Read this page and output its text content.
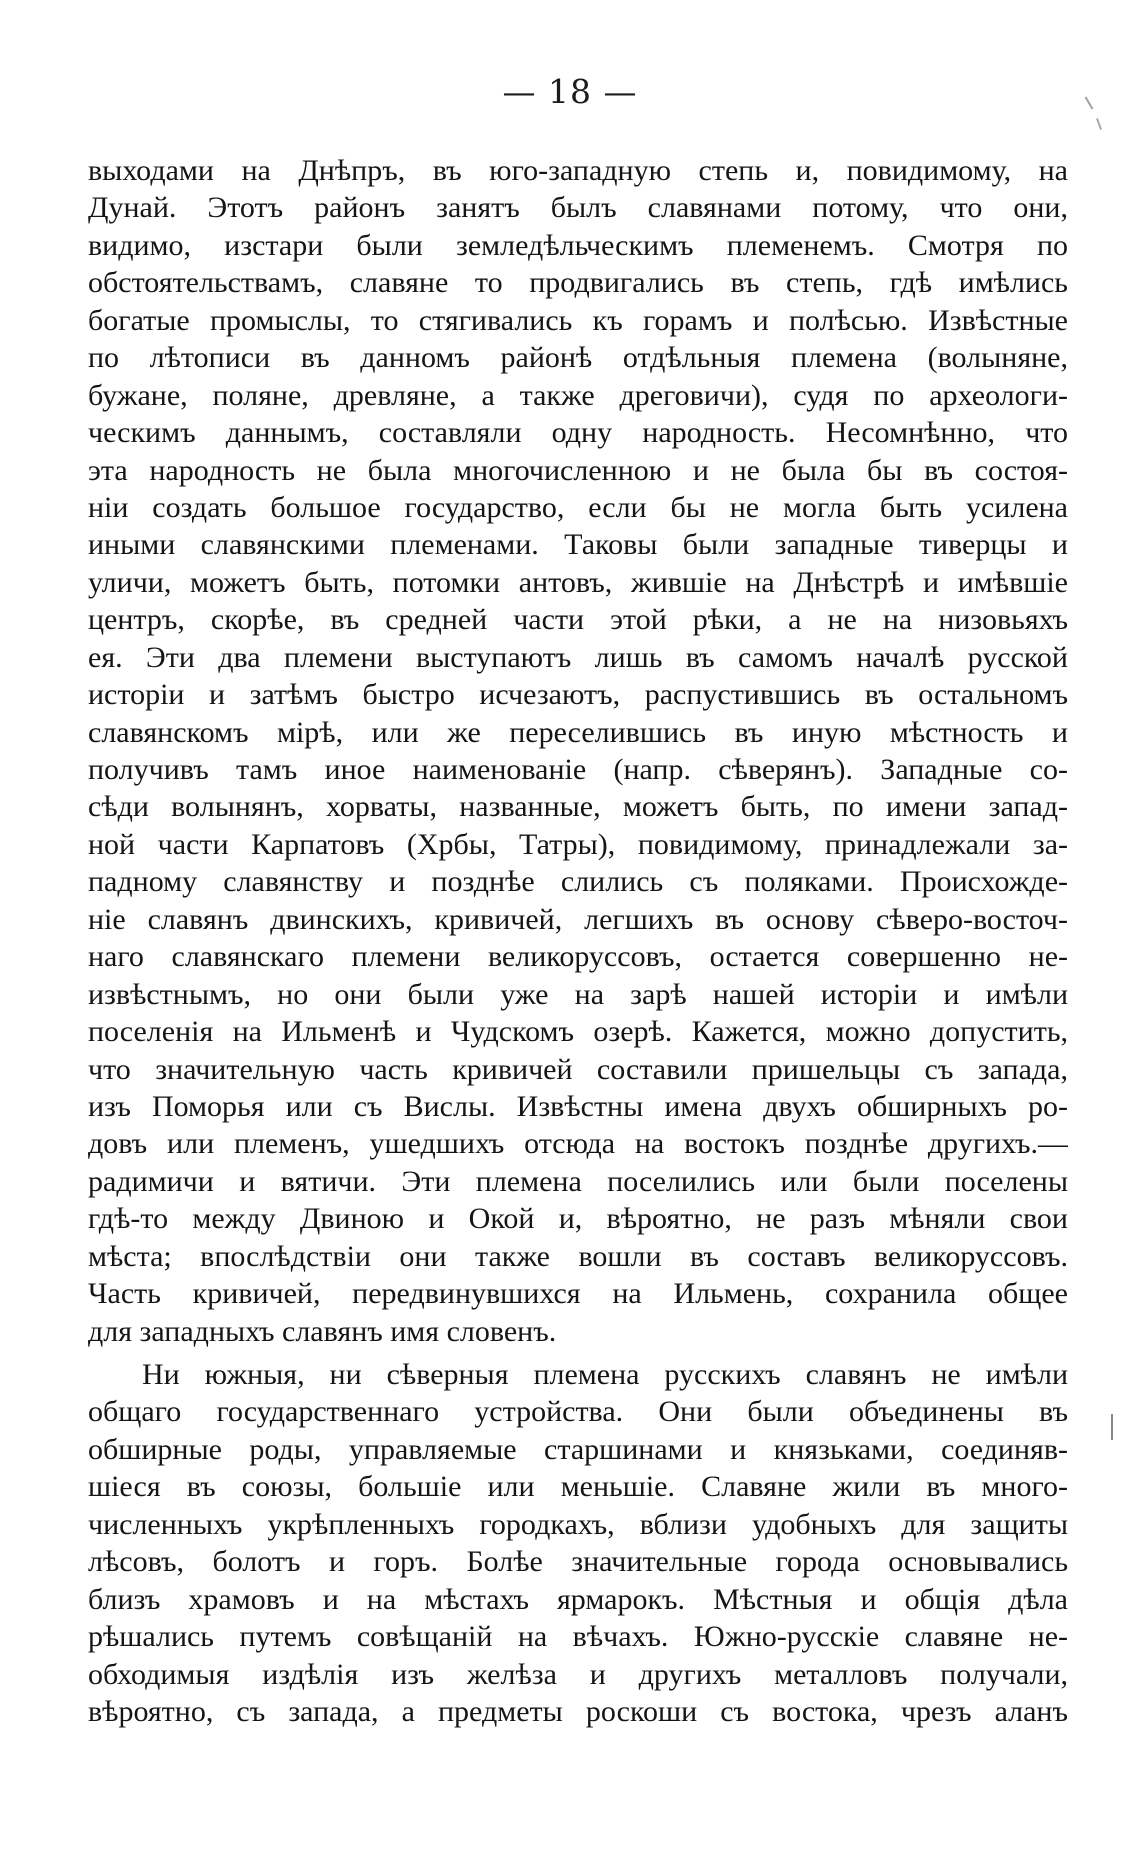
— 18 —
выходами на Днѣпръ, въ юго-западную степь и, повидимому, на
Дунай. Этотъ районъ занятъ былъ славянами потому, что они,
видимо, изстари были земледѣльческимъ племенемъ. Смотря по
обстоятельствамъ, славяне то продвигались въ степь, гдѣ имѣлись
богатые промыслы, то стягивались къ горамъ и полѣсью. Извѣстные
по лѣтописи въ данномъ районѣ отдѣльныя племена (волыняне,
бужане, поляне, древляне, а также дреговичи), судя по археологи-
ческимъ даннымъ, составляли одну народность. Несомнѣнно, что
эта народность не была многочисленною и не была бы въ состоя-
ніи создать большое государство, если бы не могла быть усилена
иными славянскими племенами. Таковы были западные тиверцы и
уличи, можетъ быть, потомки антовъ, жившіе на Днѣстрѣ и имѣвшіе
центръ, скорѣе, въ средней части этой рѣки, а не на низовьяхъ
ея. Эти два племени выступаютъ лишь въ самомъ началѣ русской
исторіи и затѣмъ быстро исчезаютъ, распустившись въ остальномъ
славянскомъ мірѣ, или же переселившись въ иную мѣстность и
получивъ тамъ иное наименованіе (напр. сѣверянъ). Западные со-
сѣди волынянъ, хорваты, названные, можетъ быть, по имени запад-
ной части Карпатовъ (Хрбы, Татры), повидимому, принадлежали за-
падному славянству и позднѣе слились съ поляками. Происхожде-
ніе славянъ двинскихъ, кривичей, легшихъ въ основу сѣверо-восточ-
наго славянскаго племени великоруссовъ, остается совершенно не-
извѣстнымъ, но они были уже на зарѣ нашей исторіи и имѣли
поселенія на Ильменѣ и Чудскомъ озерѣ. Кажется, можно допустить,
что значительную часть кривичей составили пришельцы съ запада,
изъ Поморья или съ Вислы. Извѣстны имена двухъ обширныхъ ро-
довъ или племенъ, ушедшихъ отсюда на востокъ позднѣе другихъ.—
радимичи и вятичи. Эти племена поселились или были поселены
гдѣ-то между Двиною и Окой и, вѣроятно, не разъ мѣняли свои
мѣста; впослѣдствіи они также вошли въ составъ великоруссовъ.
Часть кривичей, передвинувшихся на Ильмень, сохранила общее
для западныхъ славянъ имя словенъ.
Ни южныя, ни сѣверныя племена русскихъ славянъ не имѣли
общаго государственнаго устройства. Они были объединены въ
обширные роды, управляемые старшинами и князьками, соединяв-
шіеся въ союзы, большіе или меньшіе. Славяне жили въ много-
численныхъ укрѣпленныхъ городкахъ, вблизи удобныхъ для защиты
лѣсовъ, болотъ и горъ. Болѣе значительные города основывались
близъ храмовъ и на мѣстахъ ярмарокъ. Мѣстныя и общія дѣла
рѣшались путемъ совѣщаній на вѣчахъ. Южно-русскіе славяне не-
обходимыя издѣлія изъ желѣза и другихъ металловъ получали,
вѣроятно, съ запада, а предметы роскоши съ востока, чрезъ аланъ
